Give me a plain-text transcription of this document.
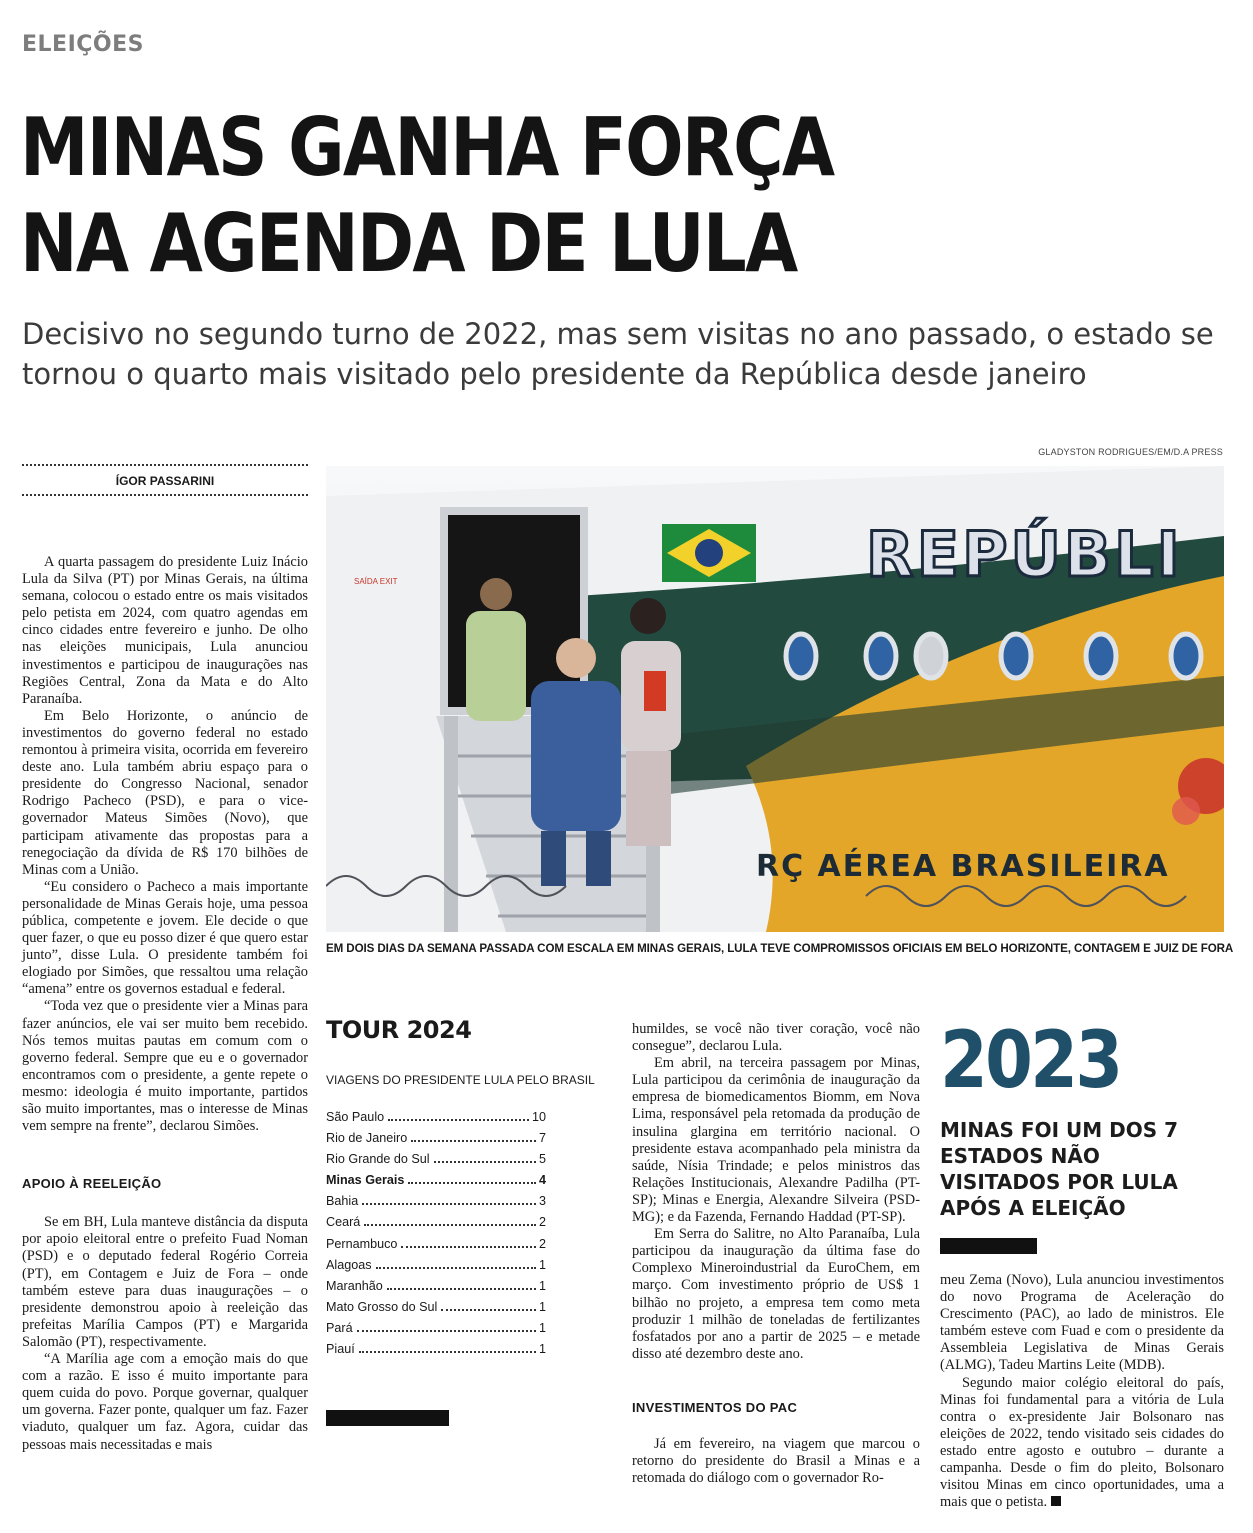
ELEIÇÕES
MINAS GANHA FORÇA
NA AGENDA DE LULA
Decisivo no segundo turno de 2022, mas sem visitas no ano passado, o estado se tornou o quarto mais visitado pelo presidente da República desde janeiro
GLADYSTON RODRIGUES/EM/D.A PRESS
ÍGOR PASSARINI

A quarta passagem do presidente Luiz Inácio Lula da Silva (PT) por Minas Gerais, na última semana, colocou o estado entre os mais visitados pelo petista em 2024, com quatro agendas em cinco cidades entre fevereiro e junho. De olho nas eleições municipais, Lula anunciou investimentos e participou de inaugurações nas Regiões Central, Zona da Mata e do Alto Paranaíba.

Em Belo Horizonte, o anúncio de investimentos do governo federal no estado remontou à primeira visita, ocorrida em fevereiro deste ano. Lula também abriu espaço para o presidente do Congresso Nacional, senador Rodrigo Pacheco (PSD), e para o vice-governador Mateus Simões (Novo), que participam ativamente das propostas para a renegociação da dívida de R$ 170 bilhões de Minas com a União.

“Eu considero o Pacheco a mais importante personalidade de Minas Gerais hoje, uma pessoa pública, competente e jovem. Ele decide o que quer fazer, o que eu posso dizer é que quero estar junto”, disse Lula. O presidente também foi elogiado por Simões, que ressaltou uma relação “amena” entre os governos estadual e federal.

“Toda vez que o presidente vier a Minas para fazer anúncios, ele vai ser muito bem recebido. Nós temos muitas pautas em comum com o governo federal. Sempre que eu e o governador encontramos com o presidente, a gente repete o mesmo: ideologia é muito importante, partidos são muito importantes, mas o interesse de Minas vem sempre na frente”, declarou Simões.

APOIO À REELEIÇÃO

Se em BH, Lula manteve distância da disputa por apoio eleitoral entre o prefeito Fuad Noman (PSD) e o deputado federal Rogério Correia (PT), em Contagem e Juiz de Fora – onde também esteve para duas inaugurações – o presidente demonstrou apoio à reeleição das prefeitas Marília Campos (PT) e Margarida Salomão (PT), respectivamente.

“A Marília age com a emoção mais do que com a razão. E isso é muito importante para quem cuida do povo. Porque governar, qualquer um governa. Fazer ponte, qualquer um faz. Fazer viaduto, qualquer um faz. Agora, cuidar das pessoas mais necessitadas e mais

REPÚBLI
RÇ AÉREA BRASILEIRA
SAÍDA EXIT
EM DOIS DIAS DA SEMANA PASSADA COM ESCALA EM MINAS GERAIS, LULA TEVE COMPROMISSOS OFICIAIS EM BELO HORIZONTE, CONTAGEM E JUIZ DE FORA
TOUR 2024
VIAGENS DO PRESIDENTE LULA PELO BRASIL
São Paulo	10
Rio de Janeiro	7
Rio Grande do Sul	5
Minas Gerais	4
Bahia	3
Ceará	2
Pernambuco	2
Alagoas	1
Maranhão	1
Mato Grosso do Sul	1
Pará	1
Piauí	1

humildes, se você não tiver coração, você não consegue”, declarou Lula.

Em abril, na terceira passagem por Minas, Lula participou da cerimônia de inauguração da empresa de biomedicamentos Biomm, em Nova Lima, responsável pela retomada da produção de insulina glargina em território nacional. O presidente estava acompanhado pela ministra da saúde, Nísia Trindade; e pelos ministros das Relações Institucionais, Alexandre Padilha (PT-SP); Minas e Energia, Alexandre Silveira (PSD-MG); e da Fazenda, Fernando Haddad (PT-SP).

Em Serra do Salitre, no Alto Paranaíba, Lula participou da inauguração da última fase do Complexo Mineroindustrial da EuroChem, em março. Com investimento próprio de US$ 1 bilhão no projeto, a empresa tem como meta produzir 1 milhão de toneladas de fertilizantes fosfatados por ano a partir de 2025 – e metade disso até dezembro deste ano.

INVESTIMENTOS DO PAC

Já em fevereiro, na viagem que marcou o retorno do presidente do Brasil a Minas e a retomada do diálogo com o governador Ro-

2023
MINAS FOI UM DOS 7 ESTADOS NÃO VISITADOS POR LULA APÓS A ELEIÇÃO

meu Zema (Novo), Lula anunciou investimentos do novo Programa de Aceleração do Crescimento (PAC), ao lado de ministros. Ele também esteve com Fuad e com o presidente da Assembleia Legislativa de Minas Gerais (ALMG), Tadeu Martins Leite (MDB).

Segundo maior colégio eleitoral do país, Minas foi fundamental para a vitória de Lula contra o ex-presidente Jair Bolsonaro nas eleições de 2022, tendo visitado seis cidades do estado entre agosto e outubro – durante a campanha. Desde o fim do pleito, Bolsonaro visitou Minas em cinco oportunidades, uma a mais que o petista.
